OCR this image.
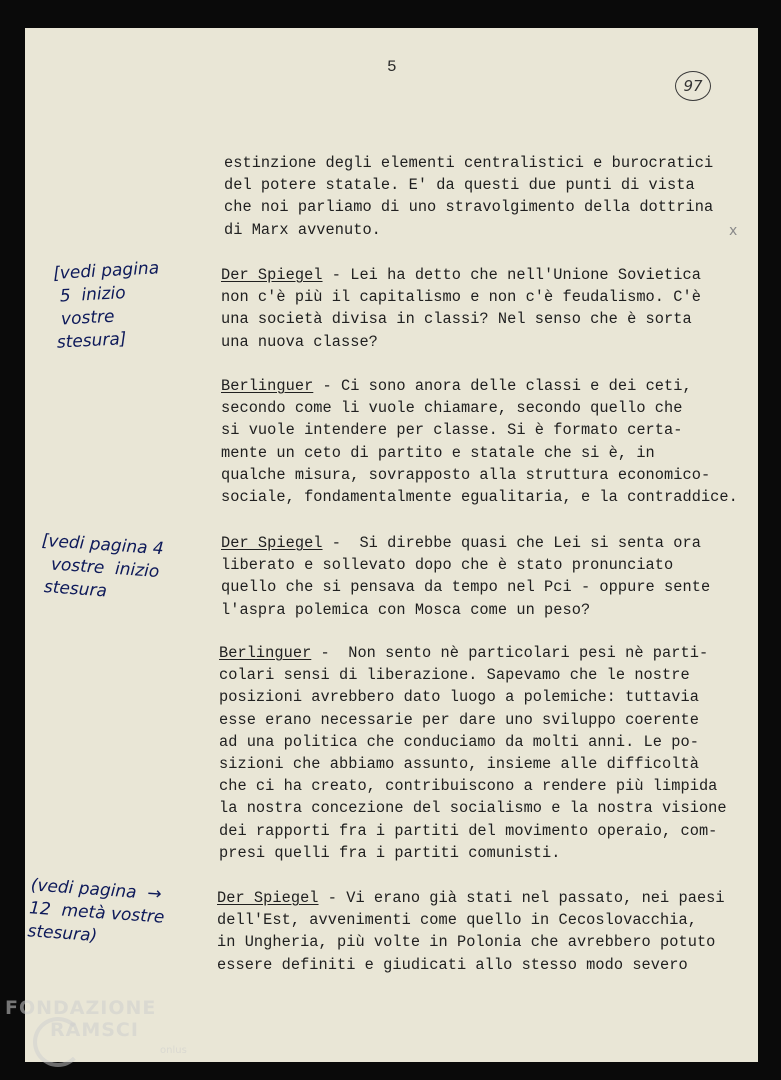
5
97
x
estinzione degli elementi centralistici e burocratici
del potere statale. E' da questi due punti di vista
che noi parliamo di uno stravolgimento della dottrina
di Marx avvenuto.
Der Spiegel - Lei ha detto che nell'Unione Sovietica
non c'è più il capitalismo e non c'è feudalismo. C'è
una società divisa in classi? Nel senso che è sorta
una nuova classe?
Berlinguer - Ci sono anora delle classi e dei ceti,
secondo come li vuole chiamare, secondo quello che
si vuole intendere per classe. Si è formato certa-
mente un ceto di partito e statale che si è, in
qualche misura, sovrapposto alla struttura economico-
sociale, fondamentalmente egualitaria, e la contraddice.
Der Spiegel -  Si direbbe quasi che Lei si senta ora
liberato e sollevato dopo che è stato pronunciato
quello che si pensava da tempo nel Pci - oppure sente
l'aspra polemica con Mosca come un peso?
Berlinguer -  Non sento nè particolari pesi nè parti-
colari sensi di liberazione. Sapevamo che le nostre
posizioni avrebbero dato luogo a polemiche: tuttavia
esse erano necessarie per dare uno sviluppo coerente
ad una politica che conduciamo da molti anni. Le po-
sizioni che abbiamo assunto, insieme alle difficoltà
che ci ha creato, contribuiscono a rendere più limpida
la nostra concezione del socialismo e la nostra visione
dei rapporti fra i partiti del movimento operaio, com-
presi quelli fra i partiti comunisti.
Der Spiegel - Vi erano già stati nel passato, nei paesi
dell'Est, avvenimenti come quello in Cecoslovacchia,
in Ungheria, più volte in Polonia che avrebbero potuto
essere definiti e giudicati allo stesso modo severo
[vedi pagina
5  inizio
vostre
stesura]
[vedi pagina 4
vostre  inizio
stesura
(vedi pagina  →
12  metà vostre
stesura)
FONDAZIONE
RAMSCI
onlus
